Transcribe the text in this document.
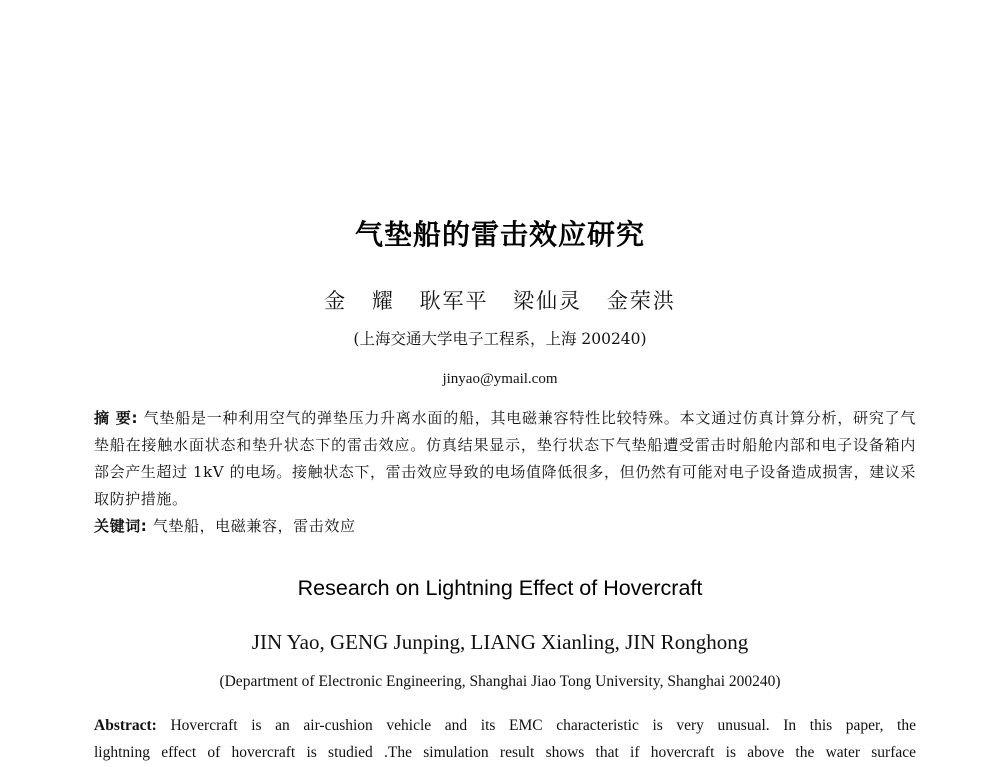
气垫船的雷击效应研究
金 耀 耿军平 梁仙灵 金荣洪
(上海交通大学电子工程系，上海 200240)
jinyao@ymail.com
摘 要: 气垫船是一种利用空气的弹垫压力升离水面的船，其电磁兼容特性比较特殊。本文通过仿真计算分析，研究了气垫船在接触水面状态和垫升状态下的雷击效应。仿真结果显示，垫行状态下气垫船遭受雷击时船舱内部和电子设备箱内部会产生超过 1kV 的电场。接触状态下，雷击效应导致的电场值降低很多，但仍然有可能对电子设备造成损害，建议采取防护措施。
关键词: 气垫船，电磁兼容，雷击效应
Research on Lightning Effect of Hovercraft
JIN Yao, GENG Junping, LIANG Xianling, JIN Ronghong
(Department of Electronic Engineering, Shanghai Jiao Tong University, Shanghai 200240)
Abstract: Hovercraft is an air-cushion vehicle and its EMC characteristic is very unusual. In this paper, the
lightning effect of hovercraft is studied .The simulation result shows that if hovercraft is above the water surface
